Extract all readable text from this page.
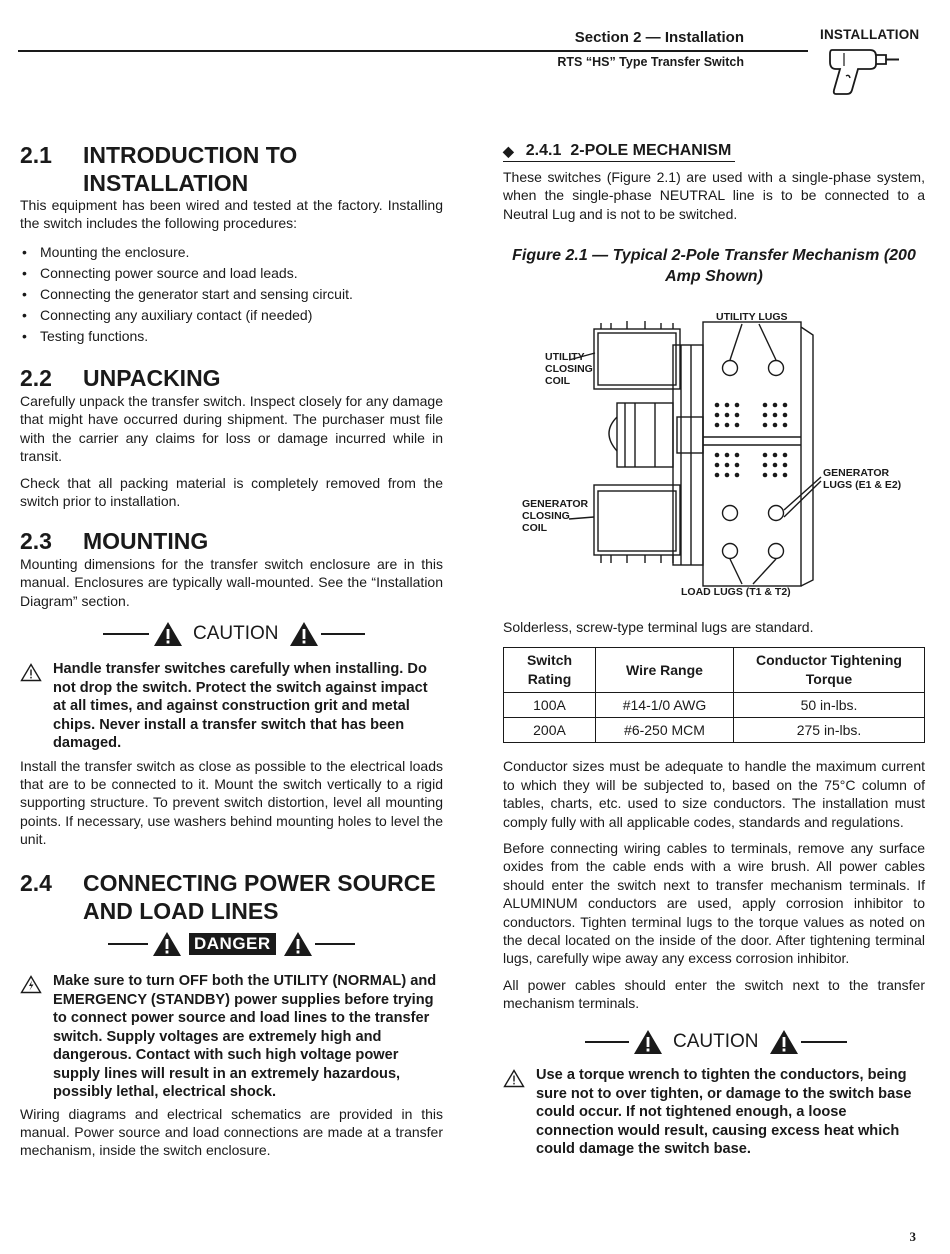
Section 2 — Installation
RTS “HS” Type Transfer Switch
INSTALLATION
2.1	INTRODUCTION TO
INSTALLATION

This equipment has been wired and tested at the factory. Installing the switch includes the following procedures:

• Mounting the enclosure.
• Connecting power source and load leads.
• Connecting the generator start and sensing circuit.
• Connecting any auxiliary contact (if needed)
• Testing functions.
2.2	UNPACKING

Carefully unpack the transfer switch. Inspect closely for any damage that might have occurred during shipment. The purchaser must file with the carrier any claims for loss or damage incurred while in transit.

Check that all packing material is completely removed from the switch prior to installation.

2.3	MOUNTING

Mounting dimensions for the transfer switch enclosure are in this manual. Enclosures are typically wall-mounted. See the “Installation Diagram” section.

CAUTION
Handle transfer switches carefully when installing. Do not drop the switch. Protect the switch against impact at all times, and against construction grit and metal chips. Never install a transfer switch that has been damaged.

Install the transfer switch as close as possible to the electrical loads that are to be connected to it. Mount the switch vertically to a rigid supporting structure. To prevent switch distortion, level all mounting points. If necessary, use washers behind mounting holes to level the unit.

2.4	CONNECTING POWER SOURCE
AND LOAD LINES
DANGER
Make sure to turn OFF both the UTILITY (NORMAL) and EMERGENCY (STANDBY) power supplies before trying to connect power source and load lines to the transfer switch. Supply voltages are extremely high and dangerous. Contact with such high voltage power supply lines will result in an extremely hazardous, possibly lethal, electrical shock.

Wiring diagrams and electrical schematics are provided in this manual. Power source and load connections are made at a transfer mechanism, inside the switch enclosure.

◆ 2.4.1 2-POLE MECHANISM

These switches (Figure 2.1) are used with a single-phase system, when the single-phase NEUTRAL line is to be connected to a Neutral Lug and is not to be switched.

Figure 2.1 — Typical 2-Pole Transfer Mechanism (200 Amp Shown)
UTILITY LUGS
UTILITY
CLOSING
COIL
GENERATOR
LUGS (E1 & E2)
GENERATOR
CLOSING
COIL
LOAD LUGS (T1 & T2)

Solderless, screw-type terminal lugs are standard.

Switch Rating	Wire Range	Conductor Tightening Torque
100A	#14-1/0 AWG	50 in-lbs.
200A	#6-250 MCM	275 in-lbs.

Conductor sizes must be adequate to handle the maximum current to which they will be subjected to, based on the 75°C column of tables, charts, etc. used to size conductors. The installation must comply fully with all applicable codes, standards and regulations.

Before connecting wiring cables to terminals, remove any surface oxides from the cable ends with a wire brush. All power cables should enter the switch next to transfer mechanism terminals. If ALUMINUM conductors are used, apply corrosion inhibitor to conductors. Tighten terminal lugs to the torque values as noted on the decal located on the inside of the door. After tightening terminal lugs, carefully wipe away any excess corrosion inhibitor.

All power cables should enter the switch next to the transfer mechanism terminals.

CAUTION
Use a torque wrench to tighten the conductors, being sure not to over tighten, or damage to the switch base could occur. If not tightened enough, a loose connection would result, causing excess heat which could damage the switch base.
3
